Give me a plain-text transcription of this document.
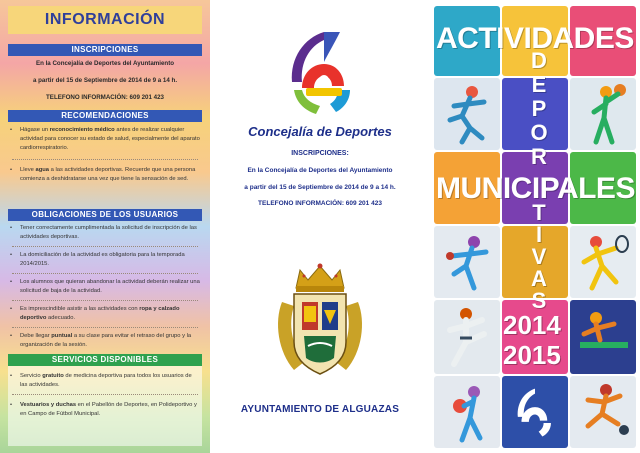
INFORMACIÓN
INSCRIPCIONES
En la Concejalía de Deportes del Ayuntamiento
a partir del 15 de Septiembre de 2014 de 9 a 14 h.
TELEFONO INFORMACIÓN: 609 201 423
RECOMENDACIONES
• Hágase un reconocimiento médico antes de realizar cualquier actividad para conocer su estado de salud, especialmente del aparato cardiorrespiratorio.
• Lleve agua a las actividades deportivas. Recuerde que una persona comienza a deshidratarse una vez que tiene la sensación de sed.
OBLIGACIONES DE LOS USUARIOS
• Tener correctamente cumplimentada la solicitud de inscripción de las actividades deportivas.
• La domiciliación de la actividad es obligatoria para la temporada 2014/2015.
• Los alumnos que quieran abandonar la actividad deberán realizar una solicitud de baja de la actividad.
• Es imprescindible asistir a las actividades con ropa y calzado deportivo adecuado.
• Debe llegar puntual a su clase para evitar el retraso del grupo y la organización de la sesión.
SERVICIOS DISPONIBLES
• Servicio gratuito de medicina deportiva para todos los usuarios de las actividades.
• Vestuarios y duchas en el Pabellón de Deportes, en Polideportivo y en Campo de Fútbol Municipal.
Concejalía de Deportes
INSCRIPCIONES:
En la Concejalía de Deportes del Ayuntamiento
a partir del 15 de Septiembre de 2014 de 9 a 14 h.
TELEFONO INFORMACIÓN: 609 201 423
AYUNTAMIENTO DE ALGUAZAS
ACTIVIDADES
D
E
P
O
R
MUNICIPALES
T
I
V
A
S
2014
2015
